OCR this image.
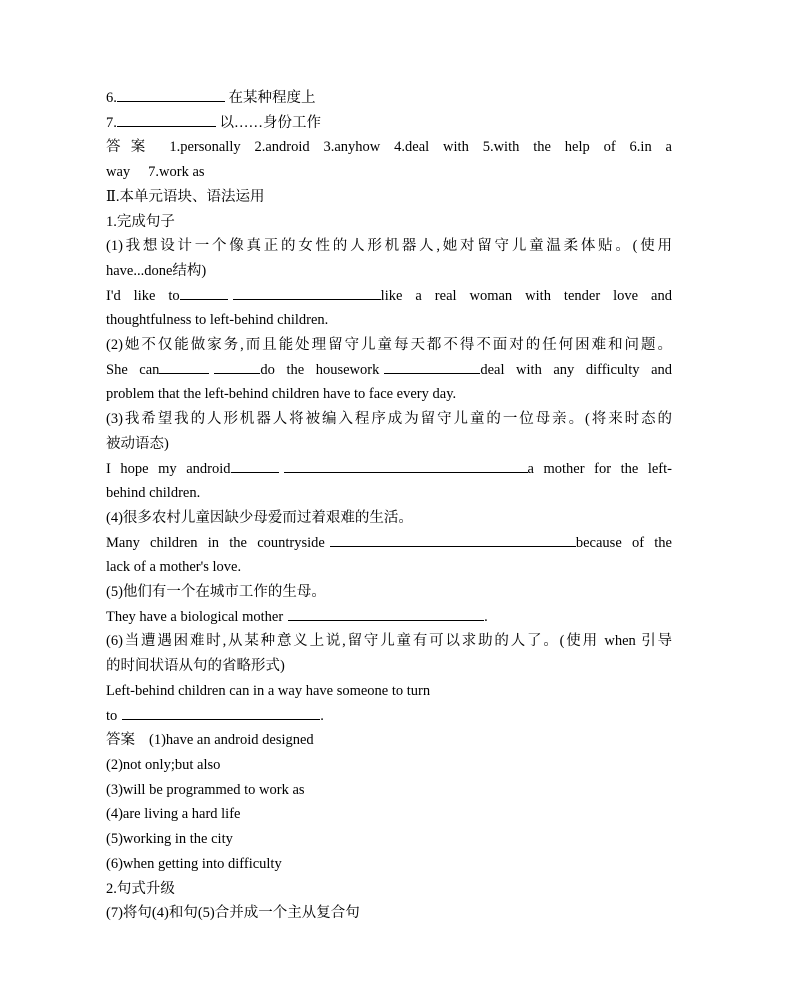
6.	在某种程度上
7.	以……身份工作
答案 1.personally 2.android 3.anyhow 4.deal with 5.with the help of 6.in a
way 7.work as
Ⅱ.本单元语块、语法运用
1.完成句子
(1)我想设计一个像真正的女性的人形机器人,她对留守儿童温柔体贴。(使用
have...done结构)
I'd like to	like a real woman with tender love and
thoughtfulness to left-behind children.
(2)她不仅能做家务,而且能处理留守儿童每天都不得不面对的任何困难和问题。
She can	do the housework	deal with any difficulty and
problem that the left-behind children have to face every day.
(3)我希望我的人形机器人将被编入程序成为留守儿童的一位母亲。(将来时态的
被动语态)
I hope my android	a mother for the left-
behind children.
(4)很多农村儿童因缺少母爱而过着艰难的生活。
Many children in the countryside	because of the
lack of a mother's love.
(5)他们有一个在城市工作的生母。
They have a biological mother	.
(6)当遭遇困难时,从某种意义上说,留守儿童有可以求助的人了。(使用 when 引导
的时间状语从句的省略形式)
Left-behind children can in a way have someone to turn
to	.
答案 (1)have an android designed
(2)not only;but also
(3)will be programmed to work as
(4)are living a hard life
(5)working in the city
(6)when getting into difficulty
2.句式升级
(7)将句(4)和句(5)合并成一个主从复合句
